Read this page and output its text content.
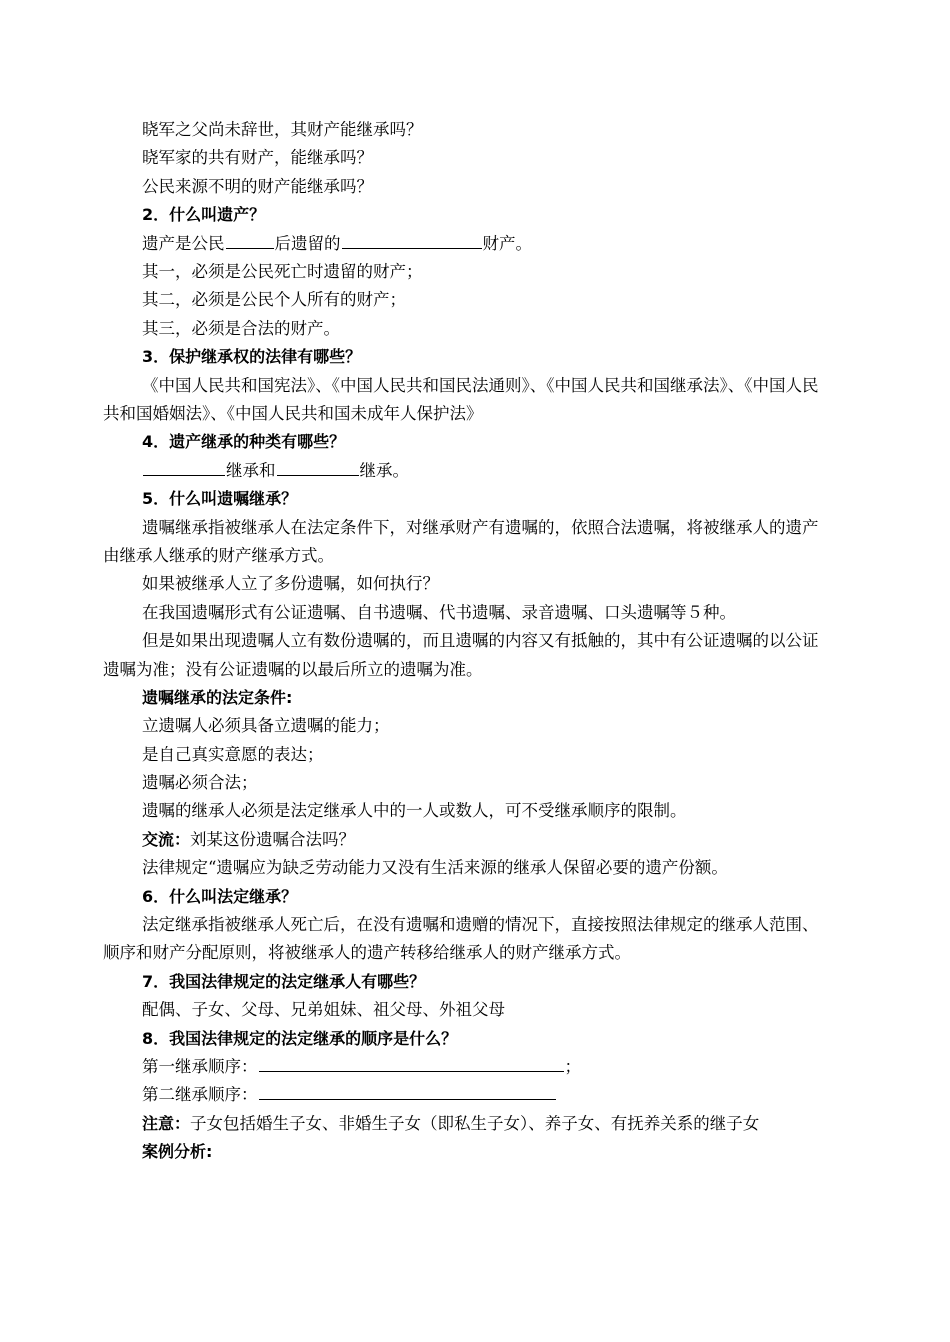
晓军之父尚未辞世，其财产能继承吗？
晓军家的共有财产，能继承吗？
公民来源不明的财产能继承吗？
2．什么叫遗产？
遗产是公民	后遗留的	财产。
其一，必须是公民死亡时遗留的财产；
其二，必须是公民个人所有的财产；
其三，必须是合法的财产。
3．保护继承权的法律有哪些？
《中国人民共和国宪法》、《中国人民共和国民法通则》、《中国人民共和国继承法》、《中国人民共和国婚姻法》、《中国人民共和国未成年人保护法》
4．遗产继承的种类有哪些？
继承和	继承。
5．什么叫遗嘱继承？
遗嘱继承指被继承人在法定条件下，对继承财产有遗嘱的，依照合法遗嘱，将被继承人的遗产由继承人继承的财产继承方式。
如果被继承人立了多份遗嘱，如何执行？
在我国遗嘱形式有公证遗嘱、自书遗嘱、代书遗嘱、录音遗嘱、口头遗嘱等５种。
但是如果出现遗嘱人立有数份遗嘱的，而且遗嘱的内容又有抵触的，其中有公证遗嘱的以公证遗嘱为准；没有公证遗嘱的以最后所立的遗嘱为准。
遗嘱继承的法定条件:
立遗嘱人必须具备立遗嘱的能力；
是自己真实意愿的表达；
遗嘱必须合法；
遗嘱的继承人必须是法定继承人中的一人或数人，可不受继承顺序的限制。
交流：刘某这份遗嘱合法吗？
法律规定“遗嘱应为缺乏劳动能力又没有生活来源的继承人保留必要的遗产份额。
6．什么叫法定继承？
法定继承指被继承人死亡后，在没有遗嘱和遗赠的情况下，直接按照法律规定的继承人范围、顺序和财产分配原则，将被继承人的遗产转移给继承人的财产继承方式。
7．我国法律规定的法定继承人有哪些？
配偶、子女、父母、兄弟姐妹、祖父母、外祖父母
8．我国法律规定的法定继承的顺序是什么？
第一继承顺序：	；
第二继承顺序：
注意：子女包括婚生子女、非婚生子女（即私生子女）、养子女、有抚养关系的继子女
案例分析:
